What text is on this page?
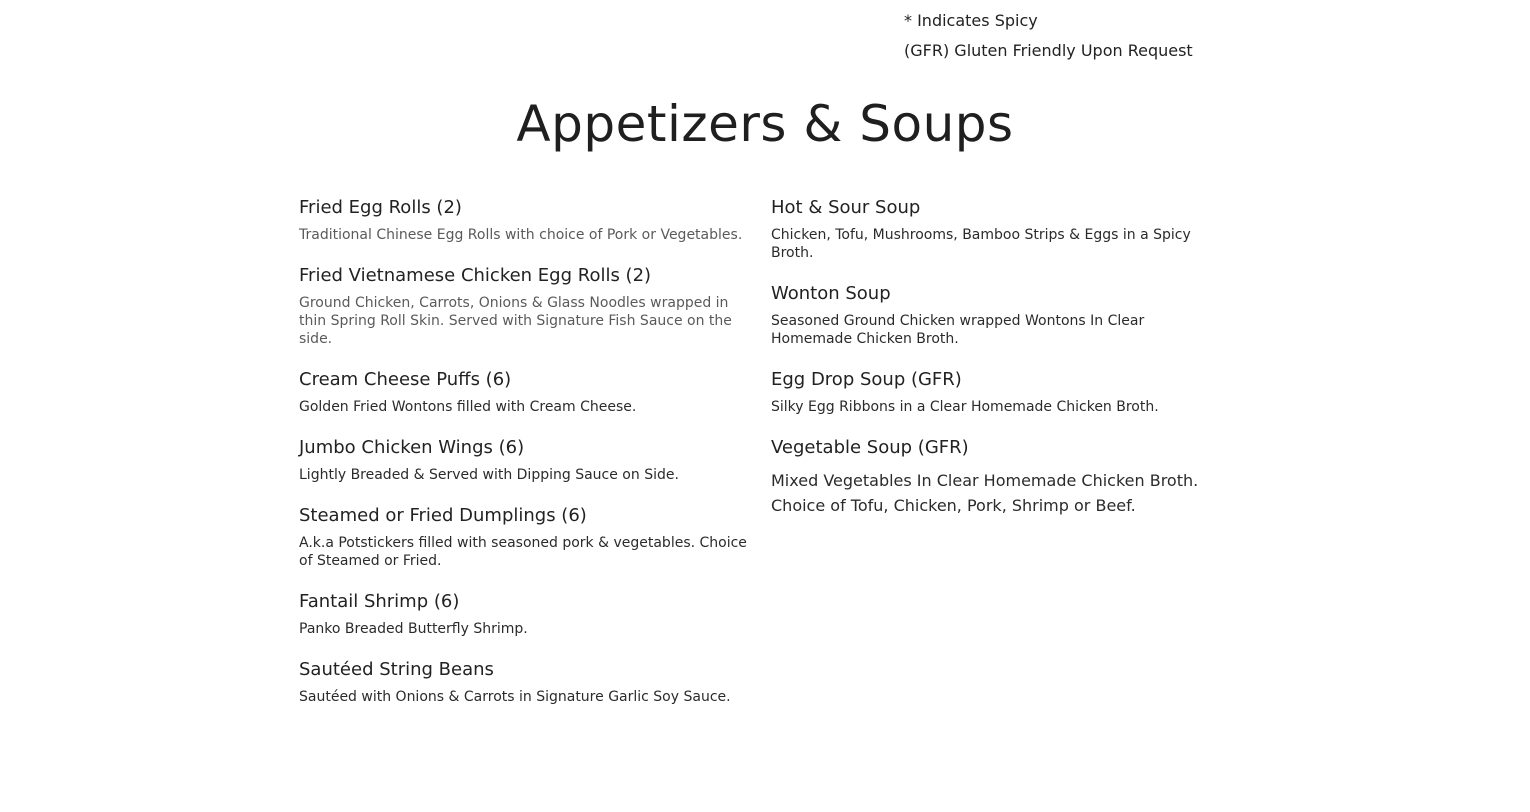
* Indicates Spicy
(GFR) Gluten Friendly Upon Request
Appetizers & Soups
Fried Egg Rolls (2)
Traditional Chinese Egg Rolls with choice of Pork or Vegetables.
Fried Vietnamese Chicken Egg Rolls (2)
Ground Chicken, Carrots, Onions & Glass Noodles wrapped in thin Spring Roll Skin. Served with Signature Fish Sauce on the side.
Cream Cheese Puffs (6)
Golden Fried Wontons filled with Cream Cheese.
Jumbo Chicken Wings (6)
Lightly Breaded & Served with Dipping Sauce on Side.
Steamed or Fried Dumplings (6)
A.k.a Potstickers filled with seasoned pork & vegetables. Choice of Steamed or Fried.
Fantail Shrimp (6)
Panko Breaded Butterfly Shrimp.
Sautéed String Beans
Sautéed with Onions & Carrots in Signature Garlic Soy Sauce.
Hot & Sour Soup
Chicken, Tofu, Mushrooms, Bamboo Strips & Eggs in a Spicy Broth.
Wonton Soup
Seasoned Ground Chicken wrapped Wontons In Clear Homemade Chicken Broth.
Egg Drop Soup (GFR)
Silky Egg Ribbons in a Clear Homemade Chicken Broth.
Vegetable Soup (GFR)
Mixed Vegetables In Clear Homemade Chicken Broth. Choice of Tofu, Chicken, Pork, Shrimp or Beef.
